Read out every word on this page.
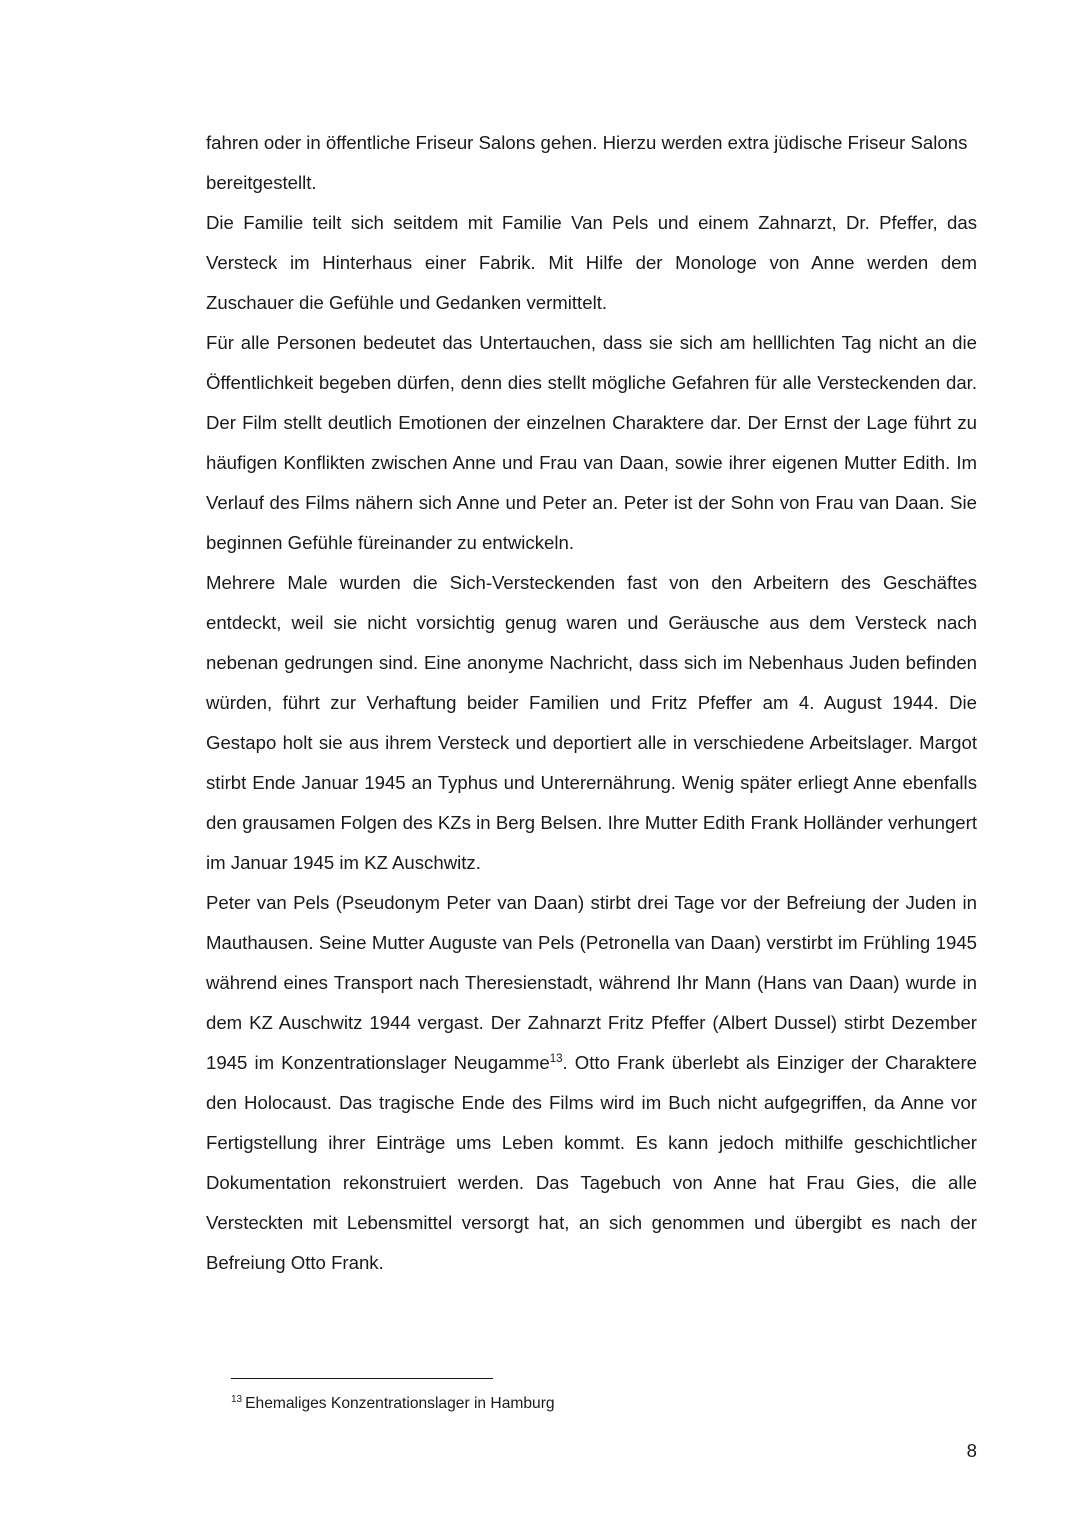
fahren oder in öffentliche Friseur Salons gehen. Hierzu werden extra jüdische Friseur Salons bereitgestellt.

Die Familie teilt sich seitdem mit Familie Van Pels und einem Zahnarzt, Dr. Pfeffer, das Versteck im Hinterhaus einer Fabrik. Mit Hilfe der Monologe von Anne werden dem Zuschauer die Gefühle und Gedanken vermittelt.

Für alle Personen bedeutet das Untertauchen, dass sie sich am helllichten Tag nicht an die Öffentlichkeit begeben dürfen, denn dies stellt mögliche Gefahren für alle Versteckenden dar. Der Film stellt deutlich Emotionen der einzelnen Charaktere dar. Der Ernst der Lage führt zu häufigen Konflikten zwischen Anne und Frau van Daan, sowie ihrer eigenen Mutter Edith. Im Verlauf des Films nähern sich Anne und Peter an. Peter ist der Sohn von Frau van Daan. Sie beginnen Gefühle füreinander zu entwickeln.

Mehrere Male wurden die Sich-Versteckenden fast von den Arbeitern des Geschäftes entdeckt, weil sie nicht vorsichtig genug waren und Geräusche aus dem Versteck nach nebenan gedrungen sind. Eine anonyme Nachricht, dass sich im Nebenhaus Juden befinden würden, führt zur Verhaftung beider Familien und Fritz Pfeffer am 4. August 1944. Die Gestapo holt sie aus ihrem Versteck und deportiert alle in verschiedene Arbeitslager. Margot stirbt Ende Januar 1945 an Typhus und Unterernährung. Wenig später erliegt Anne ebenfalls den grausamen Folgen des KZs in Berg Belsen. Ihre Mutter Edith Frank Holländer verhungert im Januar 1945 im KZ Auschwitz.

Peter van Pels (Pseudonym Peter van Daan) stirbt drei Tage vor der Befreiung der Juden in Mauthausen. Seine Mutter Auguste van Pels (Petronella van Daan) verstirbt im Frühling 1945 während eines Transport nach Theresienstadt, während Ihr Mann (Hans van Daan) wurde in dem KZ Auschwitz 1944 vergast. Der Zahnarzt Fritz Pfeffer (Albert Dussel) stirbt Dezember 1945 im Konzentrationslager Neugamme$^{13}$. Otto Frank überlebt als Einziger der Charaktere den Holocaust. Das tragische Ende des Films wird im Buch nicht aufgegriffen, da Anne vor Fertigstellung ihrer Einträge ums Leben kommt. Es kann jedoch mithilfe geschichtlicher Dokumentation rekonstruiert werden. Das Tagebuch von Anne hat Frau Gies, die alle Versteckten mit Lebensmittel versorgt hat, an sich genommen und übergibt es nach der Befreiung Otto Frank.

$^{13}$ Ehemaliges Konzentrationslager in Hamburg
8
